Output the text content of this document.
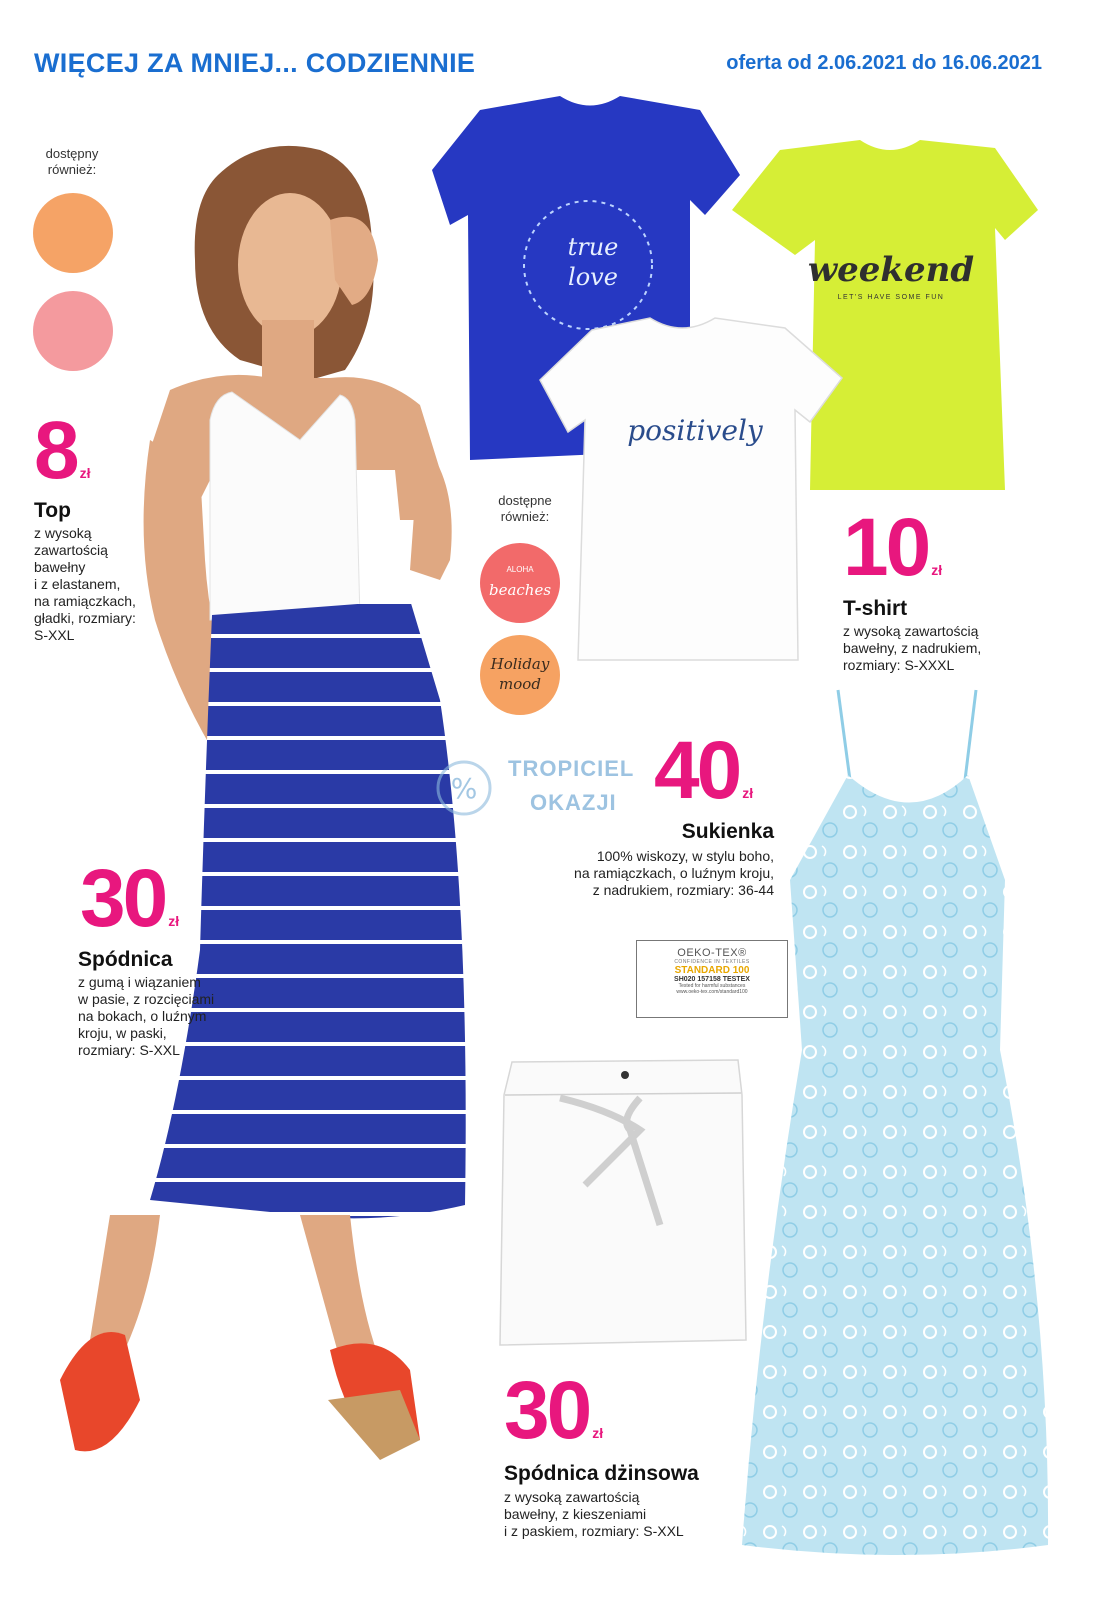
WIĘCEJ ZA MNIEJ... CODZIENNIE	oferta od 2.06.2021 do 16.06.2021
dostępny
również:
true
love	weekend
LET'S HAVE SOME FUN
positively
dostępne
również:
ALOHA
beaches
Holiday
mood
8 zł
Top
z wysoką
zawartością
bawełny
i z elastanem,
na ramiączkach,
gładki, rozmiary:
S-XXL
10 zł
T-shirt
z wysoką zawartością
bawełny, z nadrukiem,
rozmiary: S-XXXL
%
TROPICIEL
OKAZJI 40 zł
Sukienka
100% wiskozy, w stylu boho,
na ramiączkach, o luźnym kroju,
z nadrukiem, rozmiary: 36-44
OEKO-TEX®
CONFIDENCE IN TEXTILES
STANDARD 100
SH020 157158 TESTEX
Tested for harmful substances
www.oeko-tex.com/standard100
30 zł
Spódnica
z gumą i wiązaniem
w pasie, z rozcięciami
na bokach, o luźnym
kroju, w paski,
rozmiary: S-XXL
30 zł
Spódnica dżinsowa
z wysoką zawartością
bawełny, z kieszeniami
i z paskiem, rozmiary: S-XXL
